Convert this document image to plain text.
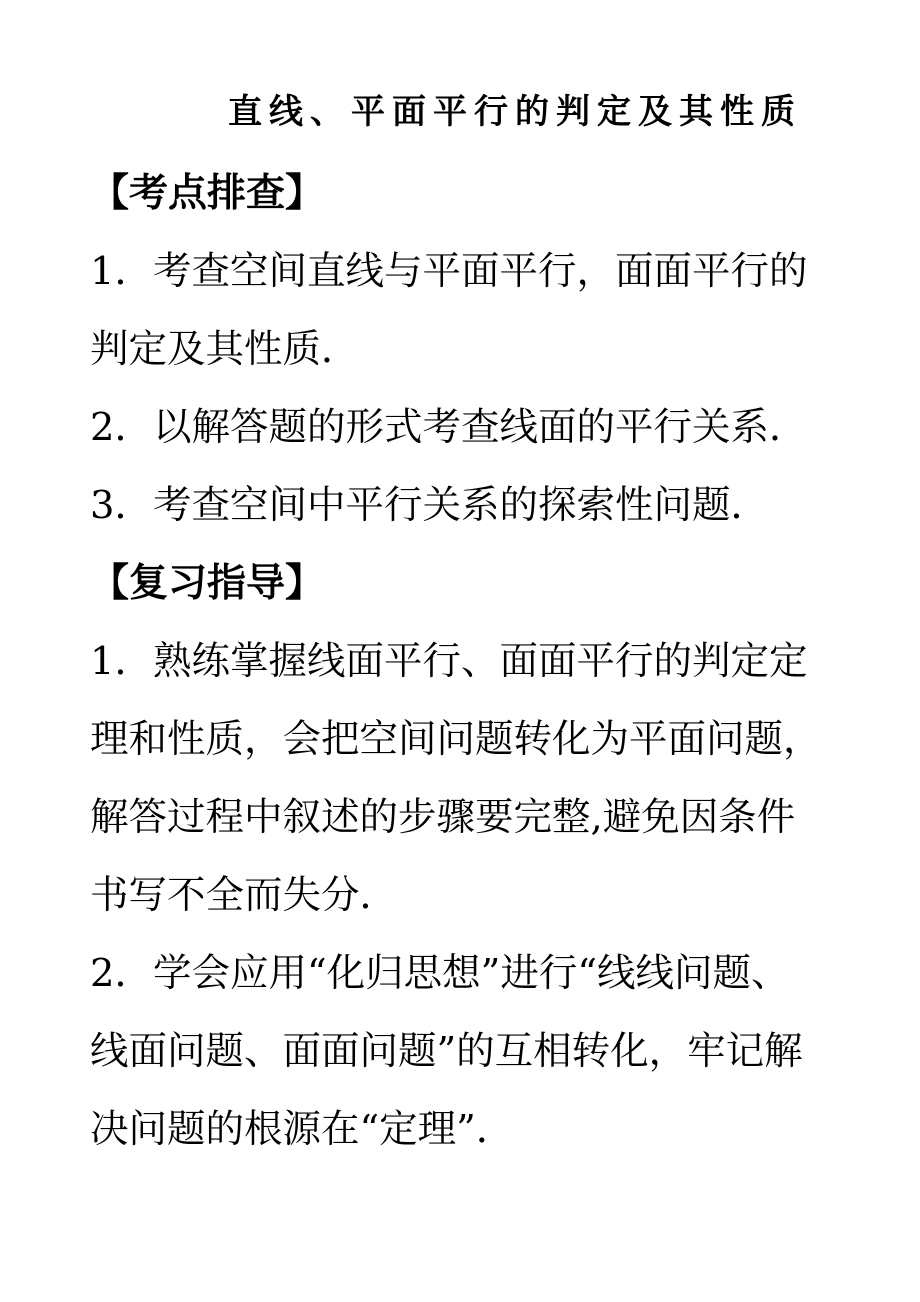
直线、平面平行的判定及其性质
【考点排查】
1．考查空间直线与平面平行，面面平行的
判定及其性质．
2．以解答题的形式考查线面的平行关系．
3．考查空间中平行关系的探索性问题．
【复习指导】
1．熟练掌握线面平行、面面平行的判定定
理和性质，会把空间问题转化为平面问题，
解答过程中叙述的步骤要完整,避免因条件
书写不全而失分．
2．学会应用“化归思想”进行“线线问题、
线面问题、面面问题”的互相转化，牢记解
决问题的根源在“定理”．
